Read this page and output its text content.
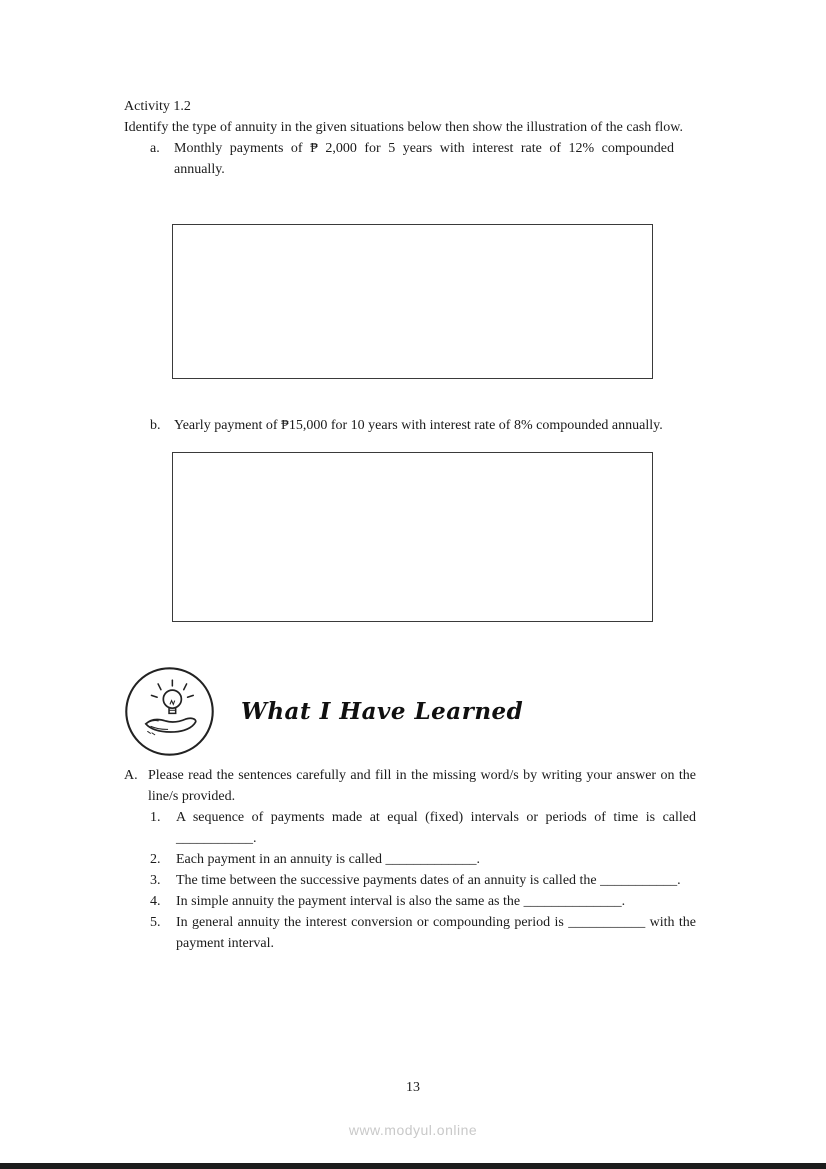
Activity 1.2

Identify the type of annuity in the given situations below then show the illustration of the cash flow.

a.	Monthly payments of ₱ 2,000 for 5 years with interest rate of 12% compounded annually.
b. Yearly payment of ₱15,000 for 10 years with interest rate of 8% compounded annually.
What I Have Learned
A. Please read the sentences carefully and fill in the missing word/s by writing your answer on the line/s provided.

1.	A sequence of payments made at equal (fixed) intervals or periods of time is called ___________.
2.	Each payment in an annuity is called _____________.
3.	The time between the successive payments dates of an annuity is called the ___________.
4.	In simple annuity the payment interval is also the same as the ______________.
5.	In general annuity the interest conversion or compounding period is ___________ with the payment interval.
13
www.modyul.online
